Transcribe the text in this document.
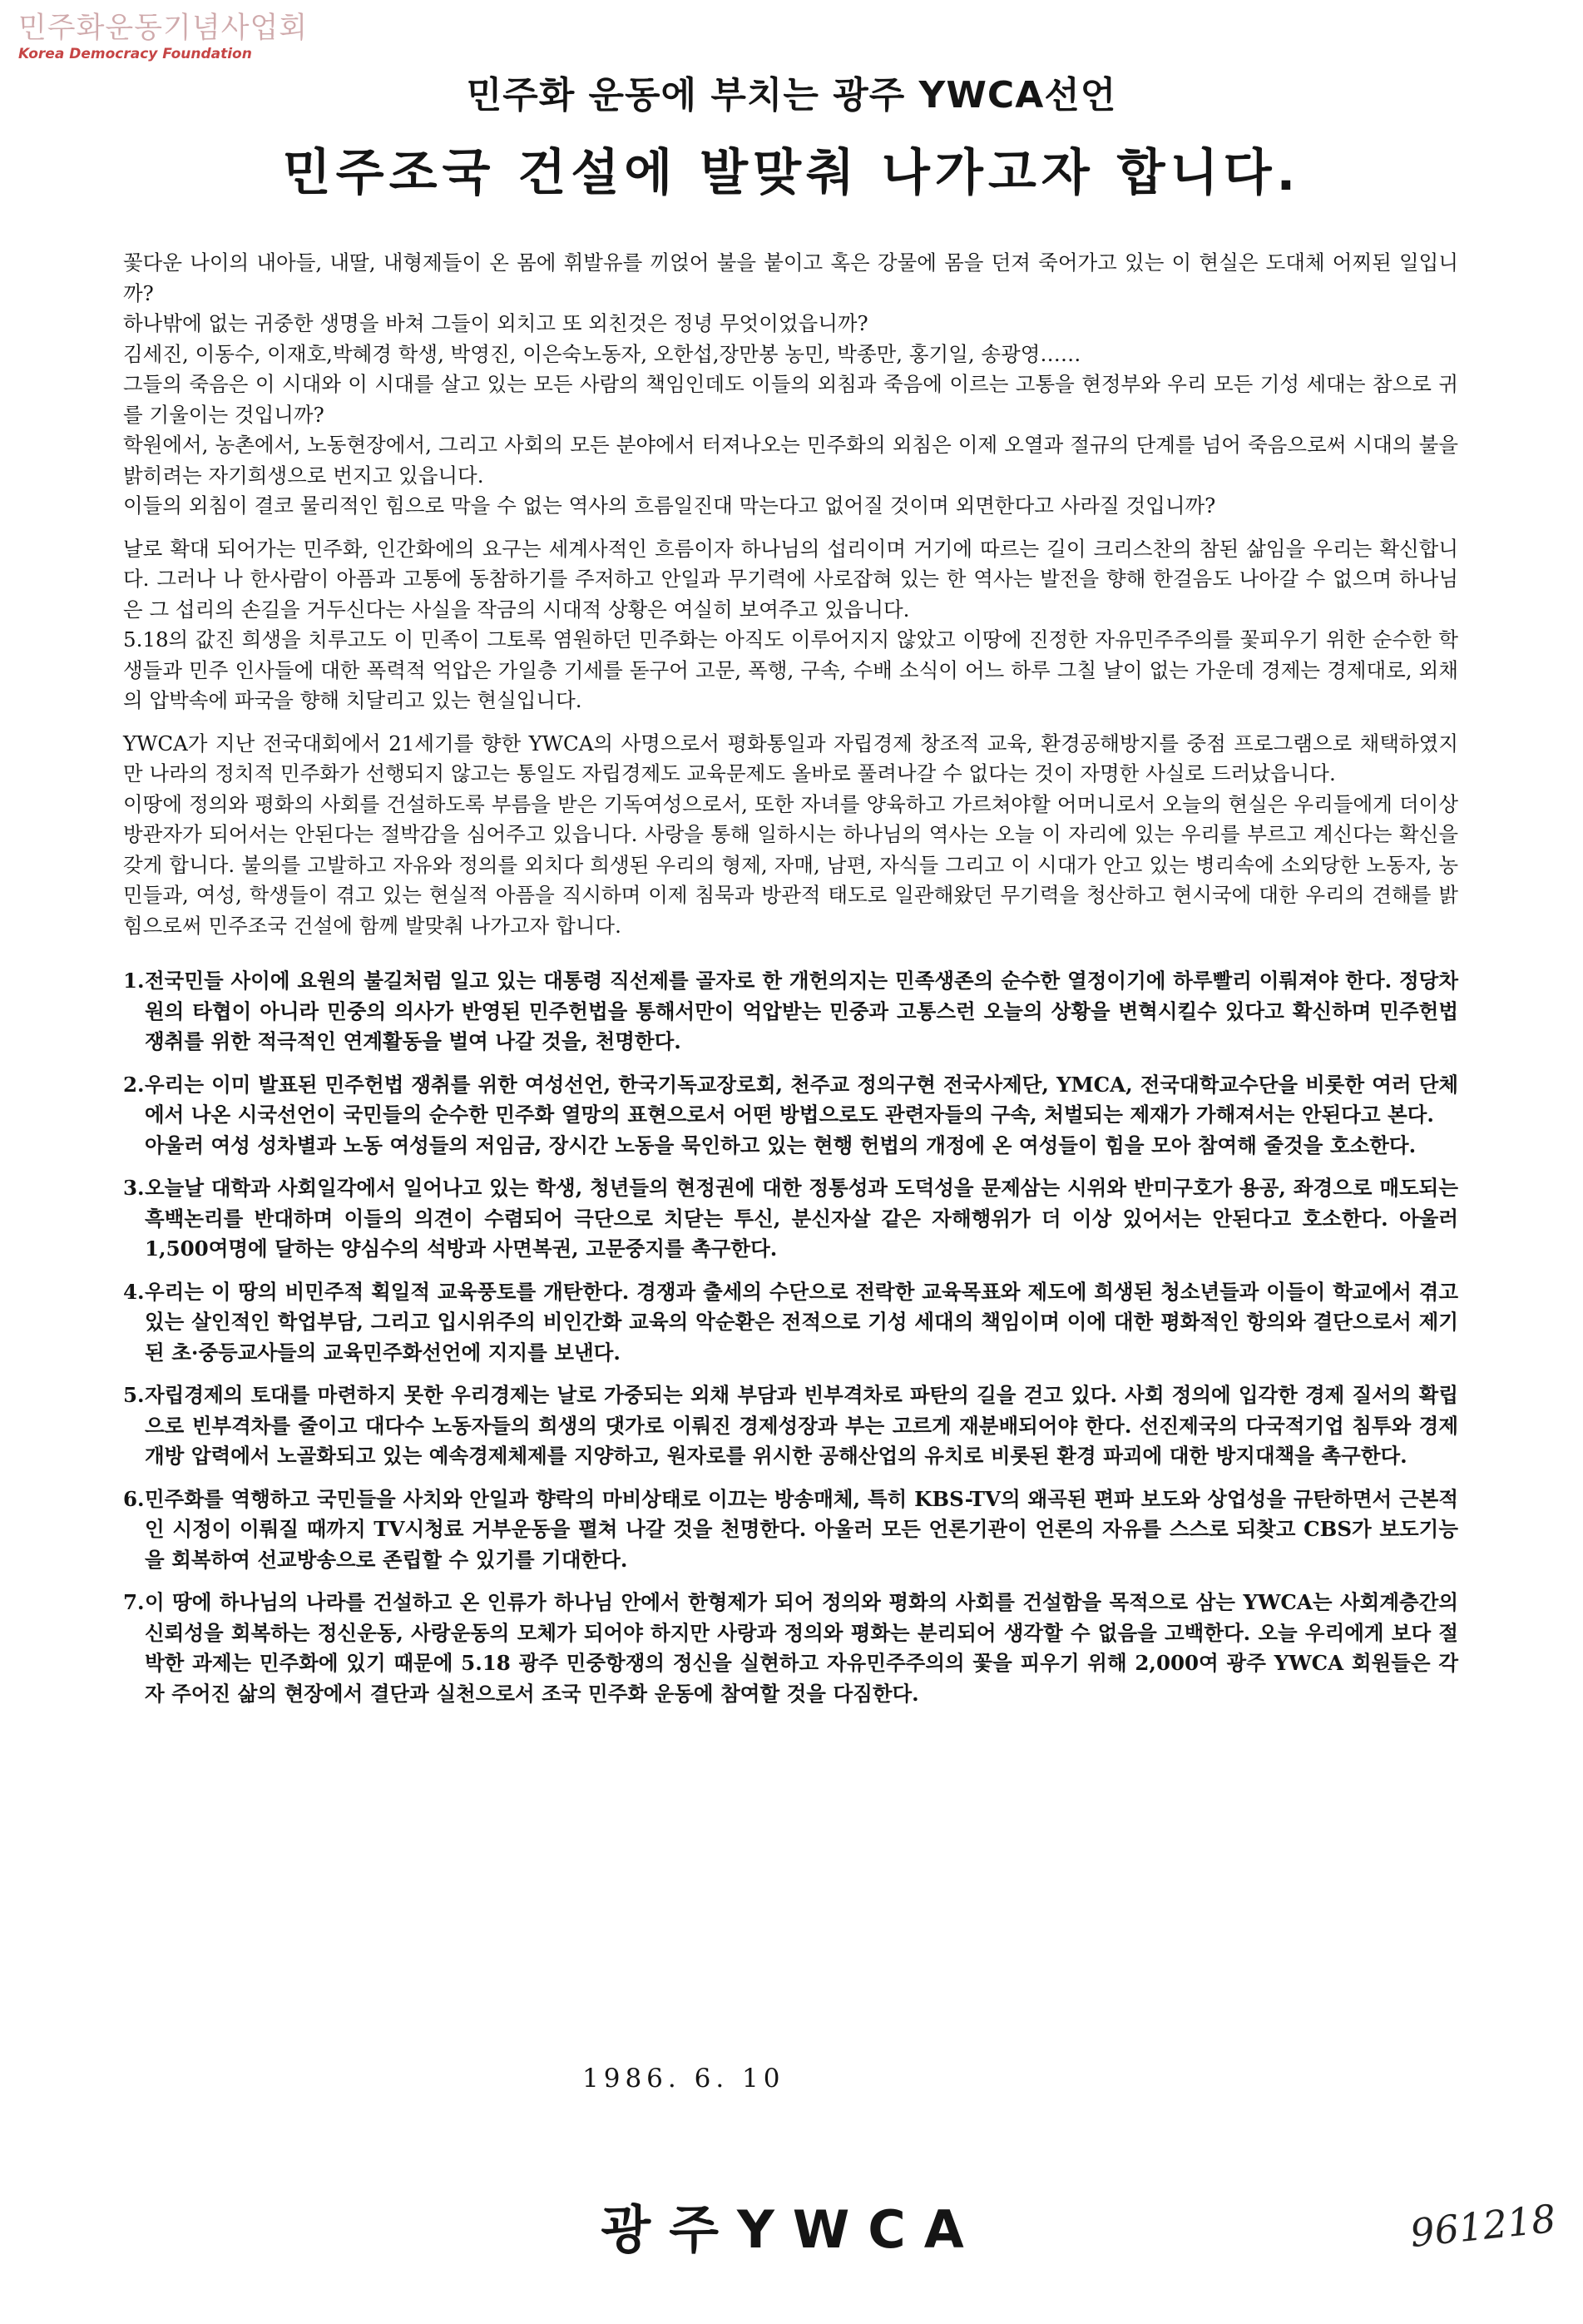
민주화운동기념사업회
Korea Democracy Foundation
민주화 운동에 부치는 광주 YWCA선언
민주조국 건설에 발맞춰 나가고자 합니다.

꽃다운 나이의 내아들, 내딸, 내형제들이 온 몸에 휘발유를 끼얹어 불을 붙이고 혹은 강물에 몸을 던져 죽어가고 있는 이 현실은 도대체 어찌된 일입니까?

하나밖에 없는 귀중한 생명을 바쳐 그들이 외치고 또 외친것은 정녕 무엇이었읍니까?

김세진, 이동수, 이재호,박혜경 학생, 박영진, 이은숙노동자, 오한섭,장만봉 농민, 박종만, 홍기일, 송광영……

그들의 죽음은 이 시대와 이 시대를 살고 있는 모든 사람의 책임인데도 이들의 외침과 죽음에 이르는 고통을 현정부와 우리 모든 기성 세대는 참으로 귀를 기울이는 것입니까?

학원에서, 농촌에서, 노동현장에서, 그리고 사회의 모든 분야에서 터져나오는 민주화의 외침은 이제 오열과 절규의 단계를 넘어 죽음으로써 시대의 불을 밝히려는 자기희생으로 번지고 있읍니다.

이들의 외침이 결코 물리적인 힘으로 막을 수 없는 역사의 흐름일진대 막는다고 없어질 것이며 외면한다고 사라질 것입니까?

날로 확대 되어가는 민주화, 인간화에의 요구는 세계사적인 흐름이자 하나님의 섭리이며 거기에 따르는 길이 크리스찬의 참된 삶임을 우리는 확신합니다. 그러나 나 한사람이 아픔과 고통에 동참하기를 주저하고 안일과 무기력에 사로잡혀 있는 한 역사는 발전을 향해 한걸음도 나아갈 수 없으며 하나님은 그 섭리의 손길을 거두신다는 사실을 작금의 시대적 상황은 여실히 보여주고 있읍니다.

5.18의 값진 희생을 치루고도 이 민족이 그토록 염원하던 민주화는 아직도 이루어지지 않았고 이땅에 진정한 자유민주주의를 꽃피우기 위한 순수한 학생들과 민주 인사들에 대한 폭력적 억압은 가일층 기세를 돋구어 고문, 폭행, 구속, 수배 소식이 어느 하루 그칠 날이 없는 가운데 경제는 경제대로, 외채의 압박속에 파국을 향해 치달리고 있는 현실입니다.

YWCA가 지난 전국대회에서 21세기를 향한 YWCA의 사명으로서 평화통일과 자립경제 창조적 교육, 환경공해방지를 중점 프로그램으로 채택하였지만 나라의 정치적 민주화가 선행되지 않고는 통일도 자립경제도 교육문제도 올바로 풀려나갈 수 없다는 것이 자명한 사실로 드러났읍니다.

이땅에 정의와 평화의 사회를 건설하도록 부름을 받은 기독여성으로서, 또한 자녀를 양육하고 가르쳐야할 어머니로서 오늘의 현실은 우리들에게 더이상 방관자가 되어서는 안된다는 절박감을 심어주고 있읍니다. 사랑을 통해 일하시는 하나님의 역사는 오늘 이 자리에 있는 우리를 부르고 계신다는 확신을 갖게 합니다. 불의를 고발하고 자유와 정의를 외치다 희생된 우리의 형제, 자매, 남편, 자식들 그리고 이 시대가 안고 있는 병리속에 소외당한 노동자, 농민들과, 여성, 학생들이 겪고 있는 현실적 아픔을 직시하며 이제 침묵과 방관적 태도로 일관해왔던 무기력을 청산하고 현시국에 대한 우리의 견해를 밝힘으로써 민주조국 건설에 함께 발맞춰 나가고자 합니다.

1. 전국민들 사이에 요원의 불길처럼 일고 있는 대통령 직선제를 골자로 한 개헌의지는 민족생존의 순수한 열정이기에 하루빨리 이뤄져야 한다. 정당차원의 타협이 아니라 민중의 의사가 반영된 민주헌법을 통해서만이 억압받는 민중과 고통스런 오늘의 상황을 변혁시킬수 있다고 확신하며 민주헌법 쟁취를 위한 적극적인 연계활동을 벌여 나갈 것을, 천명한다.
2. 우리는 이미 발표된 민주헌법 쟁취를 위한 여성선언, 한국기독교장로회, 천주교 정의구현 전국사제단, YMCA, 전국대학교수단을 비롯한 여러 단체에서 나온 시국선언이 국민들의 순수한 민주화 열망의 표현으로서 어떤 방법으로도 관련자들의 구속, 처벌되는 제재가 가해져서는 안된다고 본다.
아울러 여성 성차별과 노동 여성들의 저임금, 장시간 노동을 묵인하고 있는 현행 헌법의 개정에 온 여성들이 힘을 모아 참여해 줄것을 호소한다.
3. 오늘날 대학과 사회일각에서 일어나고 있는 학생, 청년들의 현정권에 대한 정통성과 도덕성을 문제삼는 시위와 반미구호가 용공, 좌경으로 매도되는 흑백논리를 반대하며 이들의 의견이 수렴되어 극단으로 치닫는 투신, 분신자살 같은 자해행위가 더 이상 있어서는 안된다고 호소한다. 아울러 1,500여명에 달하는 양심수의 석방과 사면복권, 고문중지를 촉구한다.
4. 우리는 이 땅의 비민주적 획일적 교육풍토를 개탄한다. 경쟁과 출세의 수단으로 전락한 교육목표와 제도에 희생된 청소년들과 이들이 학교에서 겪고 있는 살인적인 학업부담, 그리고 입시위주의 비인간화 교육의 악순환은 전적으로 기성 세대의 책임이며 이에 대한 평화적인 항의와 결단으로서 제기된 초·중등교사들의 교육민주화선언에 지지를 보낸다.
5. 자립경제의 토대를 마련하지 못한 우리경제는 날로 가중되는 외채 부담과 빈부격차로 파탄의 길을 걷고 있다. 사회 정의에 입각한 경제 질서의 확립으로 빈부격차를 줄이고 대다수 노동자들의 희생의 댓가로 이뤄진 경제성장과 부는 고르게 재분배되어야 한다. 선진제국의 다국적기업 침투와 경제개방 압력에서 노골화되고 있는 예속경제체제를 지양하고, 원자로를 위시한 공해산업의 유치로 비롯된 환경 파괴에 대한 방지대책을 촉구한다.
6. 민주화를 역행하고 국민들을 사치와 안일과 향락의 마비상태로 이끄는 방송매체, 특히 KBS-TV의 왜곡된 편파 보도와 상업성을 규탄하면서 근본적인 시정이 이뤄질 때까지 TV시청료 거부운동을 펼쳐 나갈 것을 천명한다. 아울러 모든 언론기관이 언론의 자유를 스스로 되찾고 CBS가 보도기능을 회복하여 선교방송으로 존립할 수 있기를 기대한다.
7. 이 땅에 하나님의 나라를 건설하고 온 인류가 하나님 안에서 한형제가 되어 정의와 평화의 사회를 건설함을 목적으로 삼는 YWCA는 사회계층간의 신뢰성을 회복하는 정신운동, 사랑운동의 모체가 되어야 하지만 사랑과 정의와 평화는 분리되어 생각할 수 없음을 고백한다. 오늘 우리에게 보다 절박한 과제는 민주화에 있기 때문에 5.18 광주 민중항쟁의 정신을 실현하고 자유민주주의의 꽃을 피우기 위해 2,000여 광주 YWCA 회원들은 각자 주어진 삶의 현장에서 결단과 실천으로서 조국 민주화 운동에 참여할 것을 다짐한다.
1986. 6. 10
광주YWCA	961218
